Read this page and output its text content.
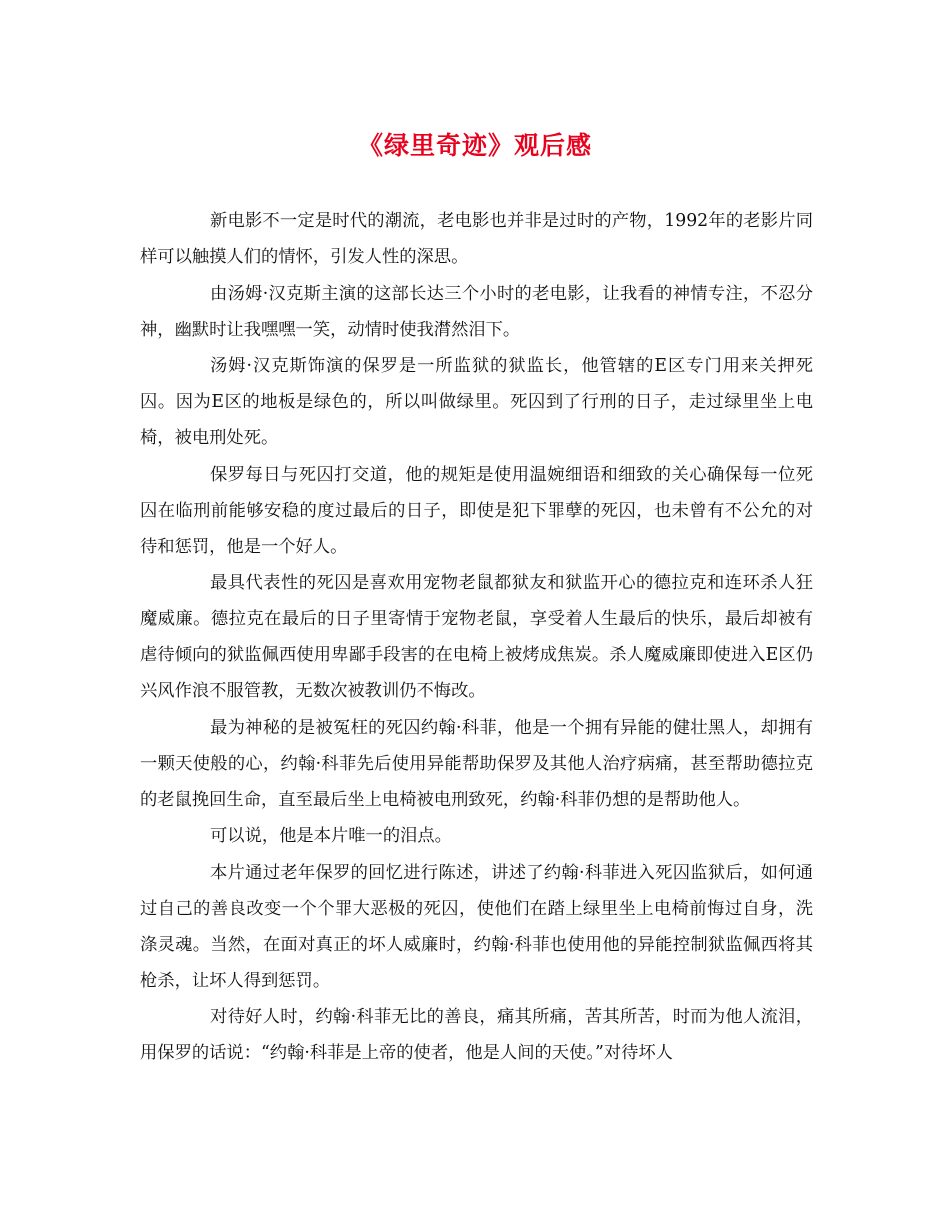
《绿里奇迹》观后感

新电影不一定是时代的潮流，老电影也并非是过时的产物，1992年的老影片同样可以触摸人们的情怀，引发人性的深思。

由汤姆·汉克斯主演的这部长达三个小时的老电影，让我看的神情专注，不忍分神，幽默时让我嘿嘿一笑，动情时使我潸然泪下。

汤姆·汉克斯饰演的保罗是一所监狱的狱监长，他管辖的E区专门用来关押死囚。因为E区的地板是绿色的，所以叫做绿里。死囚到了行刑的日子，走过绿里坐上电椅，被电刑处死。

保罗每日与死囚打交道，他的规矩是使用温婉细语和细致的关心确保每一位死囚在临刑前能够安稳的度过最后的日子，即使是犯下罪孽的死囚，也未曾有不公允的对待和惩罚，他是一个好人。

最具代表性的死囚是喜欢用宠物老鼠都狱友和狱监开心的德拉克和连环杀人狂魔威廉。德拉克在最后的日子里寄情于宠物老鼠，享受着人生最后的快乐，最后却被有虐待倾向的狱监佩西使用卑鄙手段害的在电椅上被烤成焦炭。杀人魔威廉即使进入E区仍兴风作浪不服管教，无数次被教训仍不悔改。

最为神秘的是被冤枉的死囚约翰·科菲，他是一个拥有异能的健壮黑人，却拥有一颗天使般的心，约翰·科菲先后使用异能帮助保罗及其他人治疗病痛，甚至帮助德拉克的老鼠挽回生命，直至最后坐上电椅被电刑致死，约翰·科菲仍想的是帮助他人。

可以说，他是本片唯一的泪点。

本片通过老年保罗的回忆进行陈述，讲述了约翰·科菲进入死囚监狱后，如何通过自己的善良改变一个个罪大恶极的死囚，使他们在踏上绿里坐上电椅前悔过自身，洗涤灵魂。当然，在面对真正的坏人威廉时，约翰·科菲也使用他的异能控制狱监佩西将其枪杀，让坏人得到惩罚。

对待好人时，约翰·科菲无比的善良，痛其所痛，苦其所苦，时而为他人流泪，用保罗的话说：“约翰·科菲是上帝的使者，他是人间的天使。”对待坏人
